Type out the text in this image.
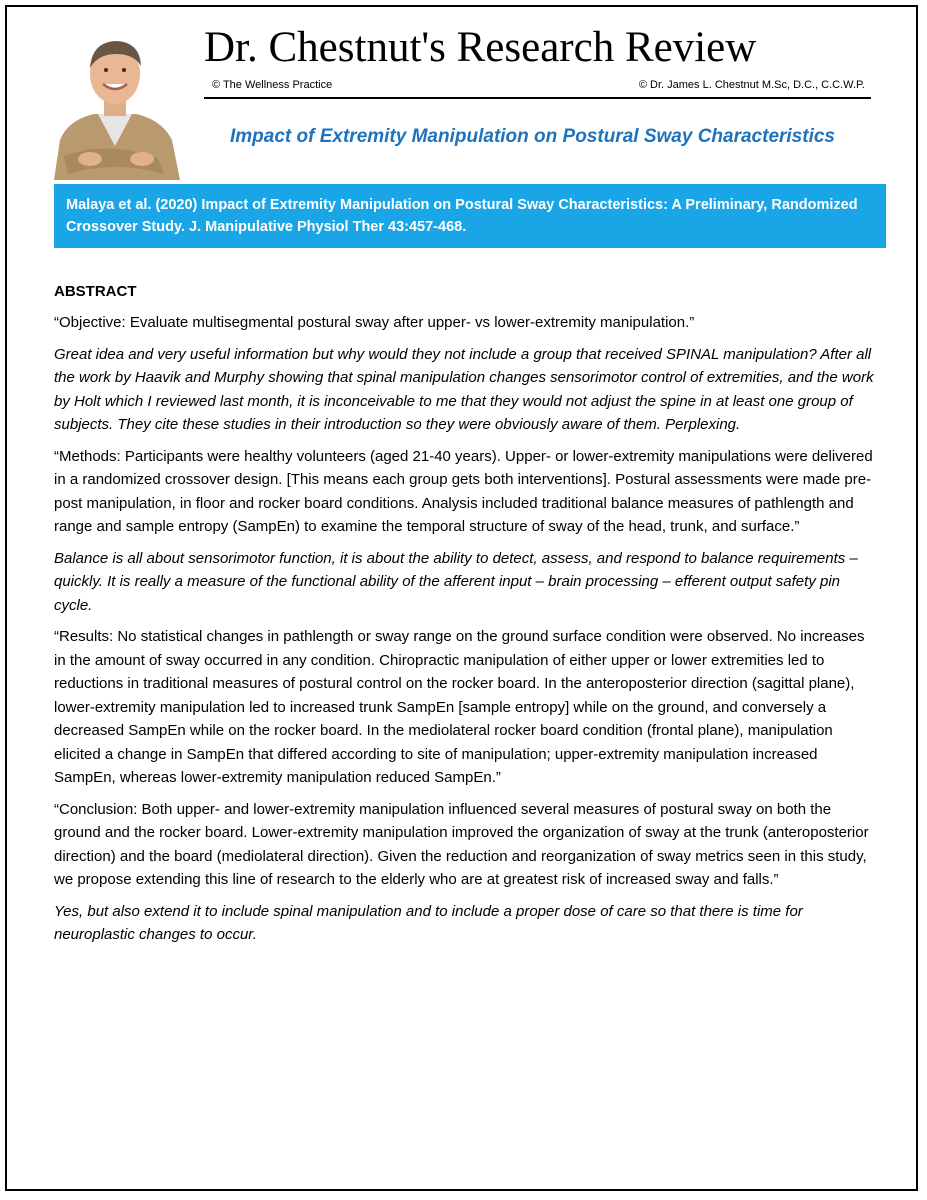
Dr. Chestnut's Research Review
© The Wellness Practice	© Dr. James L. Chestnut M.Sc, D.C., C.C.W.P.
Impact of Extremity Manipulation on Postural Sway Characteristics
Malaya et al. (2020) Impact of Extremity Manipulation on Postural Sway Characteristics: A Preliminary, Randomized Crossover Study. J. Manipulative Physiol Ther 43:457-468.
ABSTRACT

“Objective: Evaluate multisegmental postural sway after upper- vs lower-extremity manipulation.”

Great idea and very useful information but why would they not include a group that received SPINAL manipulation? After all the work by Haavik and Murphy showing that spinal manipulation changes sensorimotor control of extremities, and the work by Holt which I reviewed last month, it is inconceivable to me that they would not adjust the spine in at least one group of subjects. They cite these studies in their introduction so they were obviously aware of them. Perplexing.

“Methods: Participants were healthy volunteers (aged 21-40 years). Upper- or lower-extremity manipulations were delivered in a randomized crossover design. [This means each group gets both interventions]. Postural assessments were made pre-post manipulation, in floor and rocker board conditions. Analysis included traditional balance measures of pathlength and range and sample entropy (SampEn) to examine the temporal structure of sway of the head, trunk, and surface.”

Balance is all about sensorimotor function, it is about the ability to detect, assess, and respond to balance requirements – quickly. It is really a measure of the functional ability of the afferent input – brain processing – efferent output safety pin cycle.

“Results: No statistical changes in pathlength or sway range on the ground surface condition were observed. No increases in the amount of sway occurred in any condition. Chiropractic manipulation of either upper or lower extremities led to reductions in traditional measures of postural control on the rocker board. In the anteroposterior direction (sagittal plane), lower-extremity manipulation led to increased trunk SampEn [sample entropy] while on the ground, and conversely a decreased SampEn while on the rocker board. In the mediolateral rocker board condition (frontal plane), manipulation elicited a change in SampEn that differed according to site of manipulation; upper-extremity manipulation increased SampEn, whereas lower-extremity manipulation reduced SampEn.”

“Conclusion: Both upper- and lower-extremity manipulation influenced several measures of postural sway on both the ground and the rocker board. Lower-extremity manipulation improved the organization of sway at the trunk (anteroposterior direction) and the board (mediolateral direction). Given the reduction and reorganization of sway metrics seen in this study, we propose extending this line of research to the elderly who are at greatest risk of increased sway and falls.”

Yes, but also extend it to include spinal manipulation and to include a proper dose of care so that there is time for neuroplastic changes to occur.
